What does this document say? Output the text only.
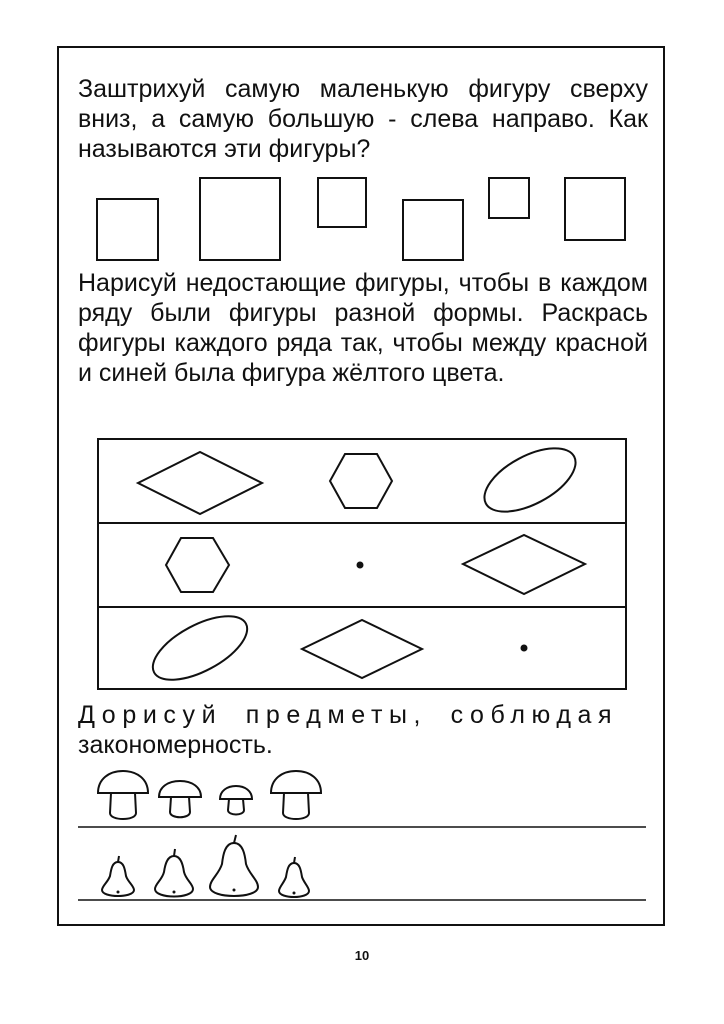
Заштрихуй самую маленькую фигуру сверху вниз, а самую большую - слева направо. Как называются эти фигуры?

Нарисуй недостающие фигуры, чтобы в каждом ряду были фигуры разной формы. Раскрась фигуры каждого ряда так, чтобы между красной и синей была фигура жёлтого цвета.

Дорисуй предметы, соблюдая
закономерность.

10
